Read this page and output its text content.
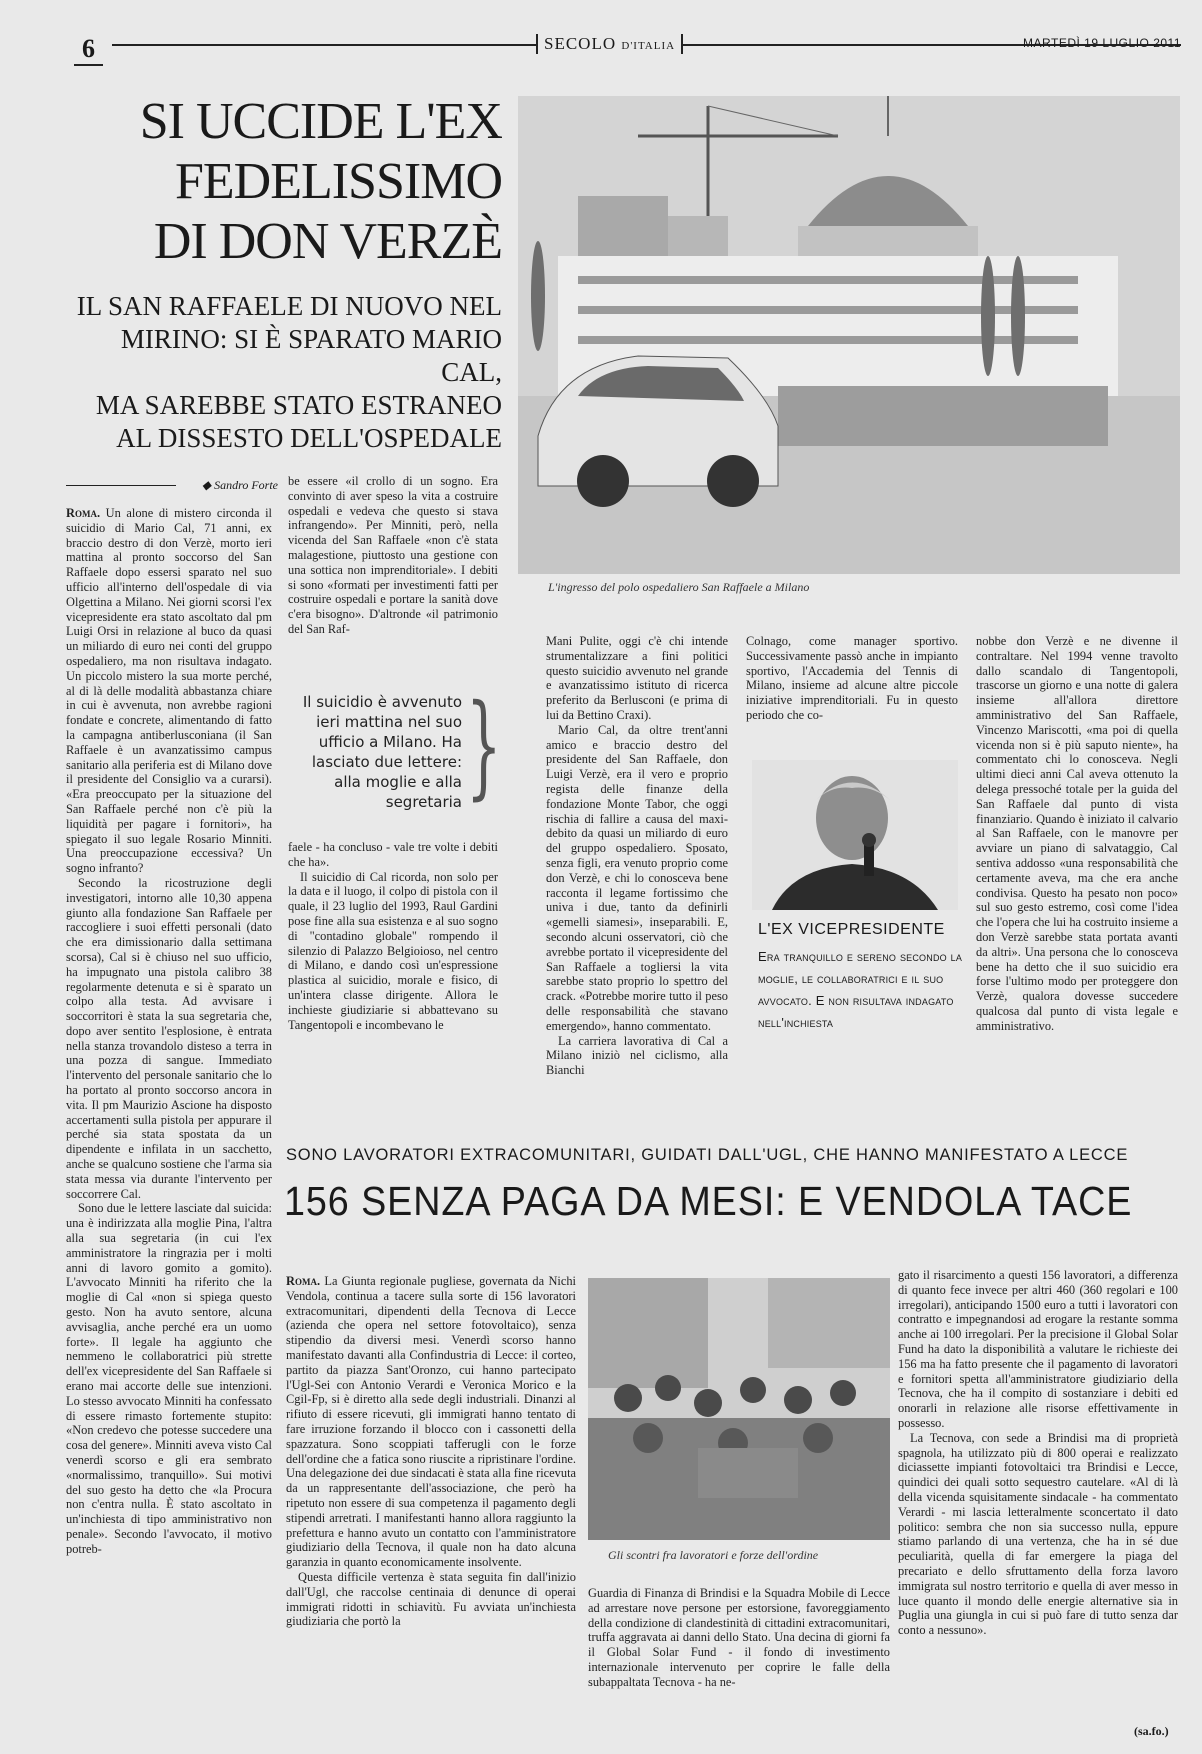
6	SECOLO D'ITALIA	MARTEDÌ 19 LUGLIO 2011
SI UCCIDE L'EX
FEDELISSIMO
DI DON VERZÈ
IL SAN RAFFAELE DI NUOVO NEL
MIRINO: SI È SPARATO MARIO CAL,
MA SAREBBE STATO ESTRANEO
AL DISSESTO DELL'OSPEDALE
L'ingresso del polo ospedaliero San Raffaele a Milano
◆ Sandro Forte

Roma. Un alone di mistero circonda il suicidio di Mario Cal, 71 anni, ex braccio destro di don Verzè, morto ieri mattina al pronto soccorso del San Raffaele dopo essersi sparato nel suo ufficio all'interno dell'ospedale di via Olgettina a Milano. Nei giorni scorsi l'ex vicepresidente era stato ascoltato dal pm Luigi Orsi in relazione al buco da quasi un miliardo di euro nei conti del gruppo ospedaliero, ma non risultava indagato. Un piccolo mistero la sua morte perché, al di là delle modalità abbastanza chiare in cui è avvenuta, non avrebbe ragioni fondate e concrete, alimentando di fatto la campagna antiberlusconiana (il San Raffaele è un avanzatissimo campus sanitario alla periferia est di Milano dove il presidente del Consiglio va a curarsi). «Era preoccupato per la situazione del San Raffaele perché non c'è più la liquidità per pagare i fornitori», ha spiegato il suo legale Rosario Minniti. Una preoccupazione eccessiva? Un sogno infranto?

Secondo la ricostruzione degli investigatori, intorno alle 10,30 appena giunto alla fondazione San Raffaele per raccogliere i suoi effetti personali (dato che era dimissionario dalla settimana scorsa), Cal si è chiuso nel suo ufficio, ha impugnato una pistola calibro 38 regolarmente detenuta e si è sparato un colpo alla testa. Ad avvisare i soccorritori è stata la sua segretaria che, dopo aver sentito l'esplosione, è entrata nella stanza trovandolo disteso a terra in una pozza di sangue. Immediato l'intervento del personale sanitario che lo ha portato al pronto soccorso ancora in vita. Il pm Maurizio Ascione ha disposto accertamenti sulla pistola per appurare il perché sia stata spostata da un dipendente e infilata in un sacchetto, anche se qualcuno sostiene che l'arma sia stata messa via durante l'intervento per soccorrere Cal.

Sono due le lettere lasciate dal suicida: una è indirizzata alla moglie Pina, l'altra alla sua segretaria (in cui l'ex amministratore la ringrazia per i molti anni di lavoro gomito a gomito). L'avvocato Minniti ha riferito che la moglie di Cal «non si spiega questo gesto. Non ha avuto sentore, alcuna avvisaglia, anche perché era un uomo forte». Il legale ha aggiunto che nemmeno le collaboratrici più strette dell'ex vicepresidente del San Raffaele si erano mai accorte delle sue intenzioni. Lo stesso avvocato Minniti ha confessato di essere rimasto fortemente stupito: «Non credevo che potesse succedere una cosa del genere». Minniti aveva visto Cal venerdì scorso e gli era sembrato «normalissimo, tranquillo». Sui motivi del suo gesto ha detto che «la Procura non c'entra nulla. È stato ascoltato in un'inchiesta di tipo amministrativo non penale». Secondo l'avvocato, il motivo potreb-

be essere «il crollo di un sogno. Era convinto di aver speso la vita a costruire ospedali e vedeva che questo si stava infrangendo». Per Minniti, però, nella vicenda del San Raffaele «non c'è stata malagestione, piuttosto una gestione con una sottica non imprenditoriale». I debiti si sono «formati per investimenti fatti per costruire ospedali e portare la sanità dove c'era bisogno». D'altronde «il patrimonio del San Raf-

Il suicidio è avvenuto ieri mattina nel suo ufficio a Milano. Ha lasciato due lettere: alla moglie e alla segretaria }

faele - ha concluso - vale tre volte i debiti che ha».

Il suicidio di Cal ricorda, non solo per la data e il luogo, il colpo di pistola con il quale, il 23 luglio del 1993, Raul Gardini pose fine alla sua esistenza e al suo sogno di "contadino globale" rompendo il silenzio di Palazzo Belgioioso, nel centro di Milano, e dando così un'espressione plastica al suicidio, morale e fisico, di un'intera classe dirigente. Allora le inchieste giudiziarie si abbattevano su Tangentopoli e incombevano le

Mani Pulite, oggi c'è chi intende strumentalizzare a fini politici questo suicidio avvenuto nel grande e avanzatissimo istituto di ricerca preferito da Berlusconi (e prima di lui da Bettino Craxi).

Mario Cal, da oltre trent'anni amico e braccio destro del presidente del San Raffaele, don Luigi Verzè, era il vero e proprio regista delle finanze della fondazione Monte Tabor, che oggi rischia di fallire a causa del maxi-debito da quasi un miliardo di euro del gruppo ospedaliero. Sposato, senza figli, era venuto proprio come don Verzè, e chi lo conosceva bene racconta il legame fortissimo che univa i due, tanto da definirli «gemelli siamesi», inseparabili. E, secondo alcuni osservatori, ciò che avrebbe portato il vicepresidente del San Raffaele a togliersi la vita sarebbe stato proprio lo spettro del crack. «Potrebbe morire tutto il peso delle responsabilità che stavano emergendo», hanno commentato.

La carriera lavorativa di Cal a Milano iniziò nel ciclismo, alla Bianchi

Colnago, come manager sportivo. Successivamente passò anche in impianto sportivo, l'Accademia del Tennis di Milano, insieme ad alcune altre piccole iniziative imprenditoriali. Fu in questo periodo che co-

L'EX VICEPRESIDENTE
Era tranquillo e sereno secondo la moglie, le collaboratrici e il suo avvocato. E non risultava indagato nell'inchiesta

nobbe don Verzè e ne divenne il contraltare. Nel 1994 venne travolto dallo scandalo di Tangentopoli, trascorse un giorno e una notte di galera insieme all'allora direttore amministrativo del San Raffaele, Vincenzo Mariscotti, «ma poi di quella vicenda non si è più saputo niente», ha commentato chi lo conosceva. Negli ultimi dieci anni Cal aveva ottenuto la delega pressoché totale per la guida del San Raffaele dal punto di vista finanziario. Quando è iniziato il calvario al San Raffaele, con le manovre per avviare un piano di salvataggio, Cal sentiva addosso «una responsabilità che certamente aveva, ma che era anche condivisa. Questo ha pesato non poco» sul suo gesto estremo, così come l'idea che l'opera che lui ha costruito insieme a don Verzè sarebbe stata portata avanti da altri». Una persona che lo conosceva bene ha detto che il suo suicidio era forse l'ultimo modo per proteggere don Verzè, qualora dovesse succedere qualcosa dal punto di vista legale e amministrativo.

SONO LAVORATORI EXTRACOMUNITARI, GUIDATI DALL'UGL, CHE HANNO MANIFESTATO A LECCE
156 SENZA PAGA DA MESI: E VENDOLA TACE

Roma. La Giunta regionale pugliese, governata da Nichi Vendola, continua a tacere sulla sorte di 156 lavoratori extracomunitari, dipendenti della Tecnova di Lecce (azienda che opera nel settore fotovoltaico), senza stipendio da diversi mesi. Venerdì scorso hanno manifestato davanti alla Confindustria di Lecce: il corteo, partito da piazza Sant'Oronzo, cui hanno partecipato l'Ugl-Sei con Antonio Verardi e Veronica Morico e la Cgil-Fp, si è diretto alla sede degli industriali. Dinanzi al rifiuto di essere ricevuti, gli immigrati hanno tentato di fare irruzione forzando il blocco con i cassonetti della spazzatura. Sono scoppiati tafferugli con le forze dell'ordine che a fatica sono riuscite a ripristinare l'ordine. Una delegazione dei due sindacati è stata alla fine ricevuta da un rappresentante dell'associazione, che però ha ripetuto non essere di sua competenza il pagamento degli stipendi arretrati. I manifestanti hanno allora raggiunto la prefettura e hanno avuto un contatto con l'amministratore giudiziario della Tecnova, il quale non ha dato alcuna garanzia in quanto economicamente insolvente.

Questa difficile vertenza è stata seguita fin dall'inizio dall'Ugl, che raccolse centinaia di denunce di operai immigrati ridotti in schiavitù. Fu avviata un'inchiesta giudiziaria che portò la

Gli scontri fra lavoratori e forze dell'ordine

Guardia di Finanza di Brindisi e la Squadra Mobile di Lecce ad arrestare nove persone per estorsione, favoreggiamento della condizione di clandestinità di cittadini extracomunitari, truffa aggravata ai danni dello Stato. Una decina di giorni fa il Global Solar Fund - il fondo di investimento internazionale intervenuto per coprire le falle della subappaltata Tecnova - ha ne-

gato il risarcimento a questi 156 lavoratori, a differenza di quanto fece invece per altri 460 (360 regolari e 100 irregolari), anticipando 1500 euro a tutti i lavoratori con contratto e impegnandosi ad erogare la restante somma anche ai 100 irregolari. Per la precisione il Global Solar Fund ha dato la disponibilità a valutare le richieste dei 156 ma ha fatto presente che il pagamento di lavoratori e fornitori spetta all'amministratore giudiziario della Tecnova, che ha il compito di sostanziare i debiti ed onorarli in relazione alle risorse effettivamente in possesso.

La Tecnova, con sede a Brindisi ma di proprietà spagnola, ha utilizzato più di 800 operai e realizzato diciassette impianti fotovoltaici tra Brindisi e Lecce, quindici dei quali sotto sequestro cautelare. «Al di là della vicenda squisitamente sindacale - ha commentato Verardi - mi lascia letteralmente sconcertato il dato politico: sembra che non sia successo nulla, eppure stiamo parlando di una vertenza, che ha in sé due peculiarità, quella di far emergere la piaga del precariato e dello sfruttamento della forza lavoro immigrata sul nostro territorio e quella di aver messo in luce quanto il mondo delle energie alternative sia in Puglia una giungla in cui si può fare di tutto senza dar conto a nessuno».

(sa.fo.)
